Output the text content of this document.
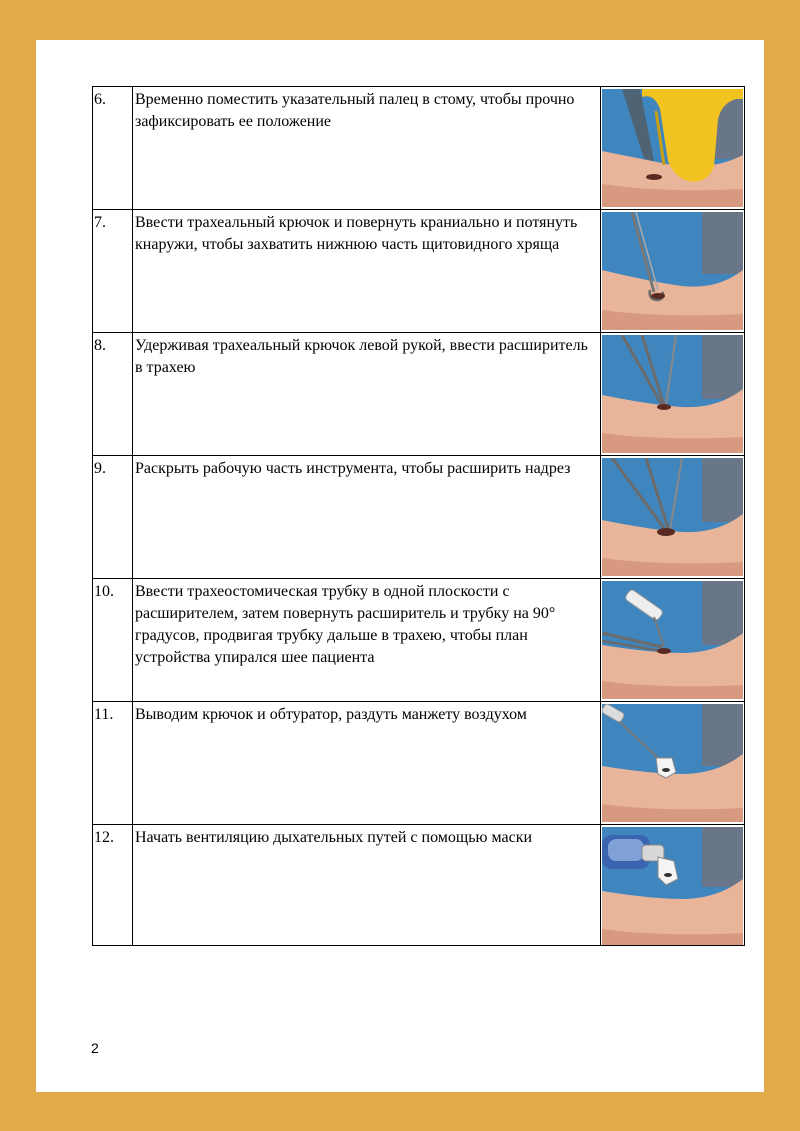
6.	Временно поместить указательный палец в стому, чтобы прочно зафиксировать ее положение	

7.	Ввести трахеальный крючок и повернуть краниально и потянуть кнаружи, чтобы захватить нижнюю часть щитовидного хряща	

8.	Удерживая трахеальный крючок левой рукой, ввести расширитель в трахею	

9.	Раскрыть рабочую часть инструмента, чтобы расширить надрез	

10.	Ввести трахеостомическая трубку в одной плоскости с расширителем, затем повернуть расширитель и трубку на 90° градусов, продвигая трубку дальше в трахею, чтобы план устройства упирался шее пациента	

11.	Выводим крючок и обтуратор, раздуть манжету воздухом	

12.	Начать вентиляцию дыхательных путей с помощью маски	
2
